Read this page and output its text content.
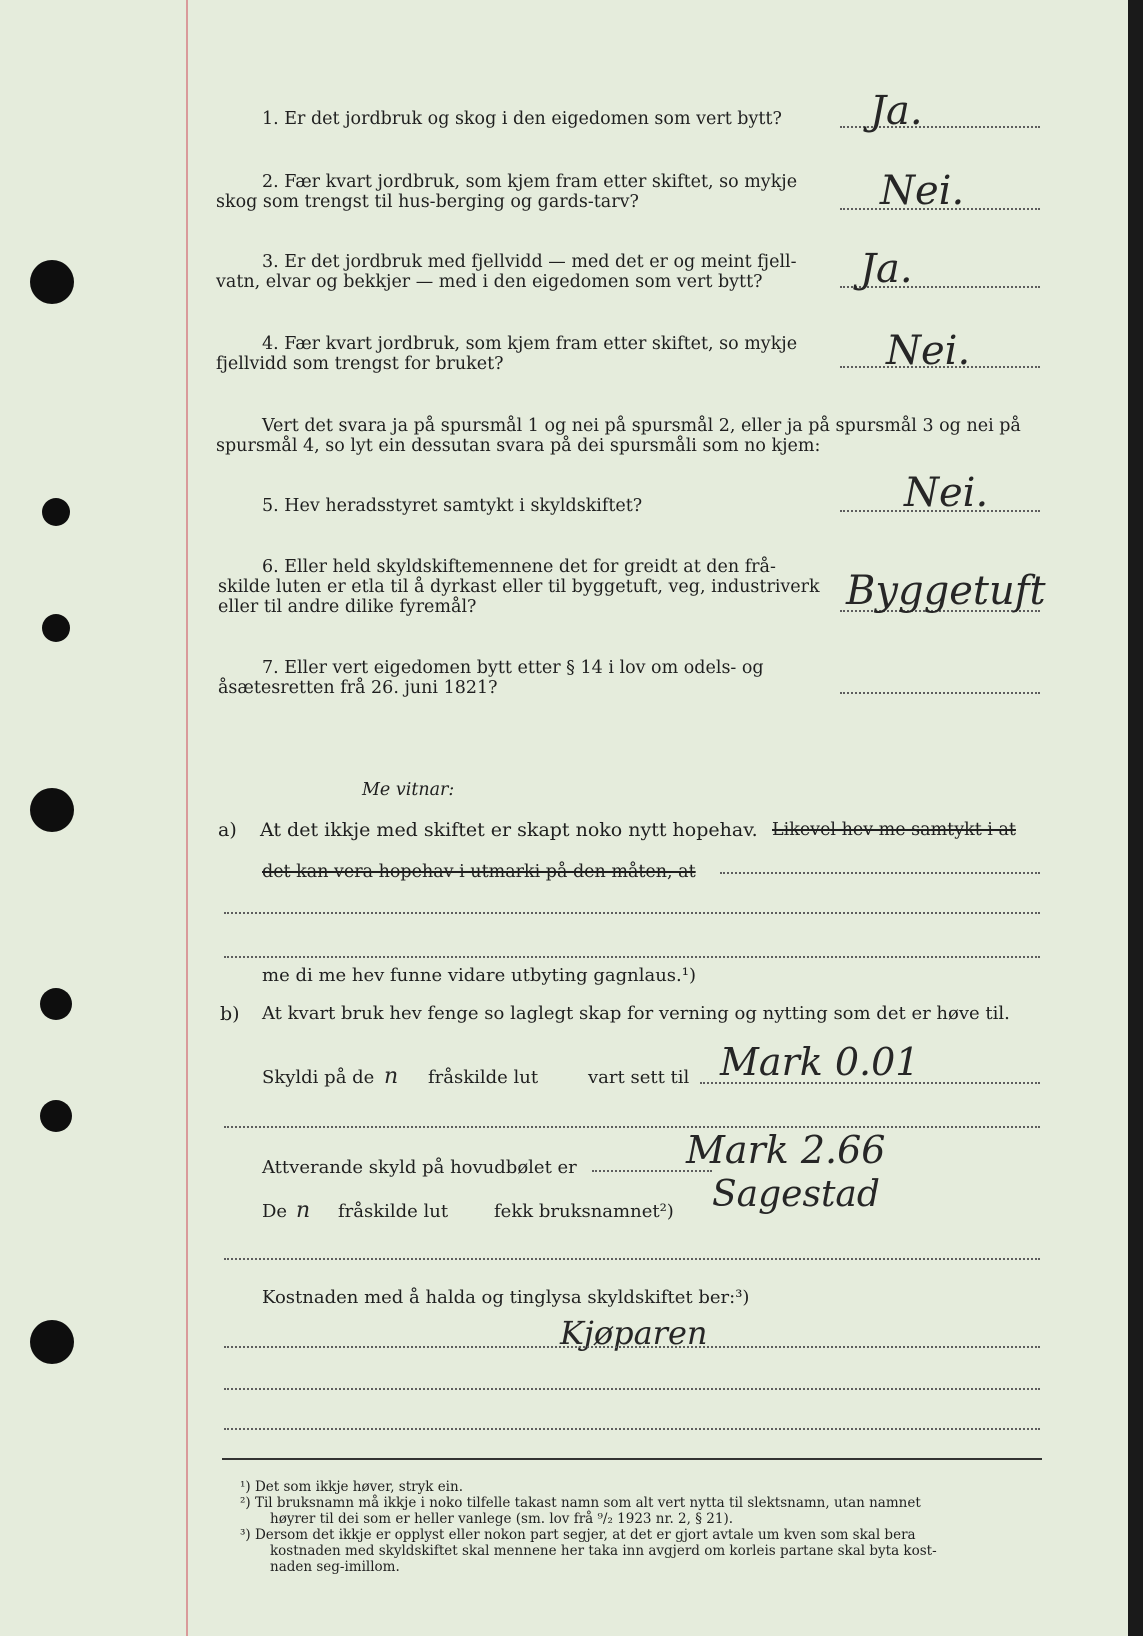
1. Er det jordbruk og skog i den eigedomen som vert bytt? Ja.
2. Fær kvart jordbruk, som kjem fram etter skiftet, so mykje
skog som trengst til hus-berging og gards-tarv?	Nei.
3. Er det jordbruk med fjellvidd — med det er og meint fjell-
vatn, elvar og bekkjer — med i den eigedomen som vert bytt? Ja.
4. Fær kvart jordbruk, som kjem fram etter skiftet, so mykje
fjellvidd som trengst for bruket?	Nei.
Vert det svara ja på spursmål 1 og nei på spursmål 2, eller ja på spursmål 3 og nei på
spursmål 4, so lyt ein dessutan svara på dei spursmåli som no kjem:
5. Hev heradsstyret samtykt i skyldskiftet?	Nei.
6. Eller held skyldskiftemennene det for greidt at den frå-
skilde luten er etla til å dyrkast eller til byggetuft, veg, industriverk
eller til andre dilike fyremål?	Byggetuft
7. Eller vert eigedomen bytt etter § 14 i lov om odels- og
åsætesretten frå 26. juni 1821?
Me vitnar:
a) At det ikkje med skiftet er skapt noko nytt hopehav. Likevel hev me samtykt i at
det kan vera hopehav i utmarki på den måten, at
me di me hev funne vidare utbyting gagnlaus.¹)
b) At kvart bruk hev fenge so laglegt skap for verning og nytting som det er høve til.
Skyldi på de n fråskilde lut	vart sett til Mark 0.01
Attverande skyld på hovudbølet er	Mark 2.66
De n fråskilde lut	fekk bruksnamnet²) Sagestad
Kostnaden med å halda og tinglysa skyldskiftet ber:³)
Kjøparen
¹) Det som ikkje høver, stryk ein.
²) Til bruksnamn må ikkje i noko tilfelle takast namn som alt vert nytta til slektsnamn, utan namnet
høyrer til dei som er heller vanlege (sm. lov frå ⁹/₂ 1923 nr. 2, § 21).
³) Dersom det ikkje er opplyst eller nokon part segjer, at det er gjort avtale um kven som skal bera
kostnaden med skyldskiftet skal mennene her taka inn avgjerd om korleis partane skal byta kost-
naden seg-imillom.
